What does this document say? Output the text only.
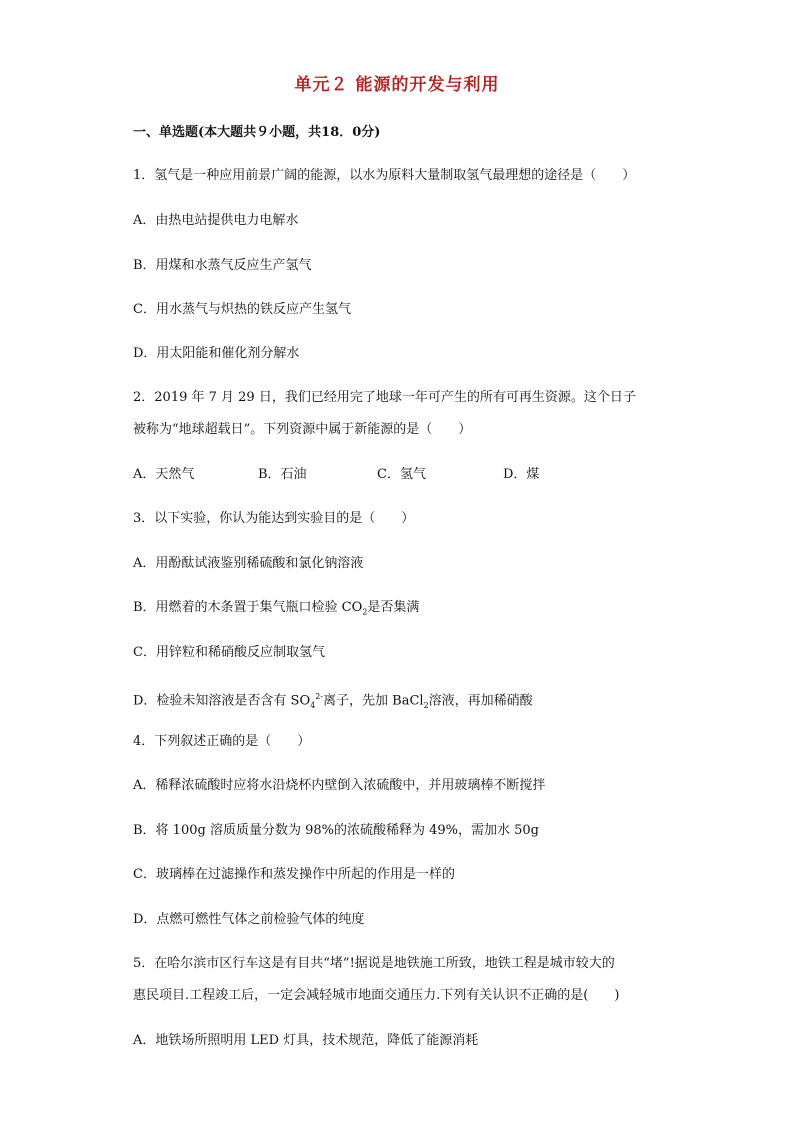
单元２ 能源的开发与利用
一、单选题(本大题共９小题，共18．0分)
1．氢气是一种应用前景广阔的能源，以水为原料大量制取氢气最理想的途径是（　　）
A．由热电站提供电力电解水
B．用煤和水蒸气反应生产氢气
C．用水蒸气与炽热的铁反应产生氢气
D．用太阳能和催化剂分解水
2．2019 年 7 月 29 日，我们已经用完了地球一年可产生的所有可再生资源。这个日子
被称为“地球超载日”。下列资源中属于新能源的是（　　）
A．天然气	B．石油	C．氢气	D．煤
3．以下实验，你认为能达到实验目的是（　　）
A．用酚酞试液鉴别稀硫酸和氯化钠溶液
B．用燃着的木条置于集气瓶口检验 $CO_2$是否集满
C．用锌粒和稀硝酸反应制取氢气
D．检验未知溶液是否含有 $SO_4^{2-}$离子，先加 BaCl$_2$溶液，再加稀硝酸
4．下列叙述正确的是（　　）
A．稀释浓硫酸时应将水沿烧杯内壁倒入浓硫酸中，并用玻璃棒不断搅拌
B．将 100g 溶质质量分数为 98%的浓硫酸稀释为 49%，需加水 50g
C．玻璃棒在过滤操作和蒸发操作中所起的作用是一样的
D．点燃可燃性气体之前检验气体的纯度
5．在哈尔滨市区行车这是有目共“堵”!据说是地铁施工所致，地铁工程是城市较大的
惠民项目.工程竣工后，一定会减轻城市地面交通压力.下列有关认识不正确的是(　　)
A．地铁场所照明用 LED 灯具，技术规范，降低了能源消耗
